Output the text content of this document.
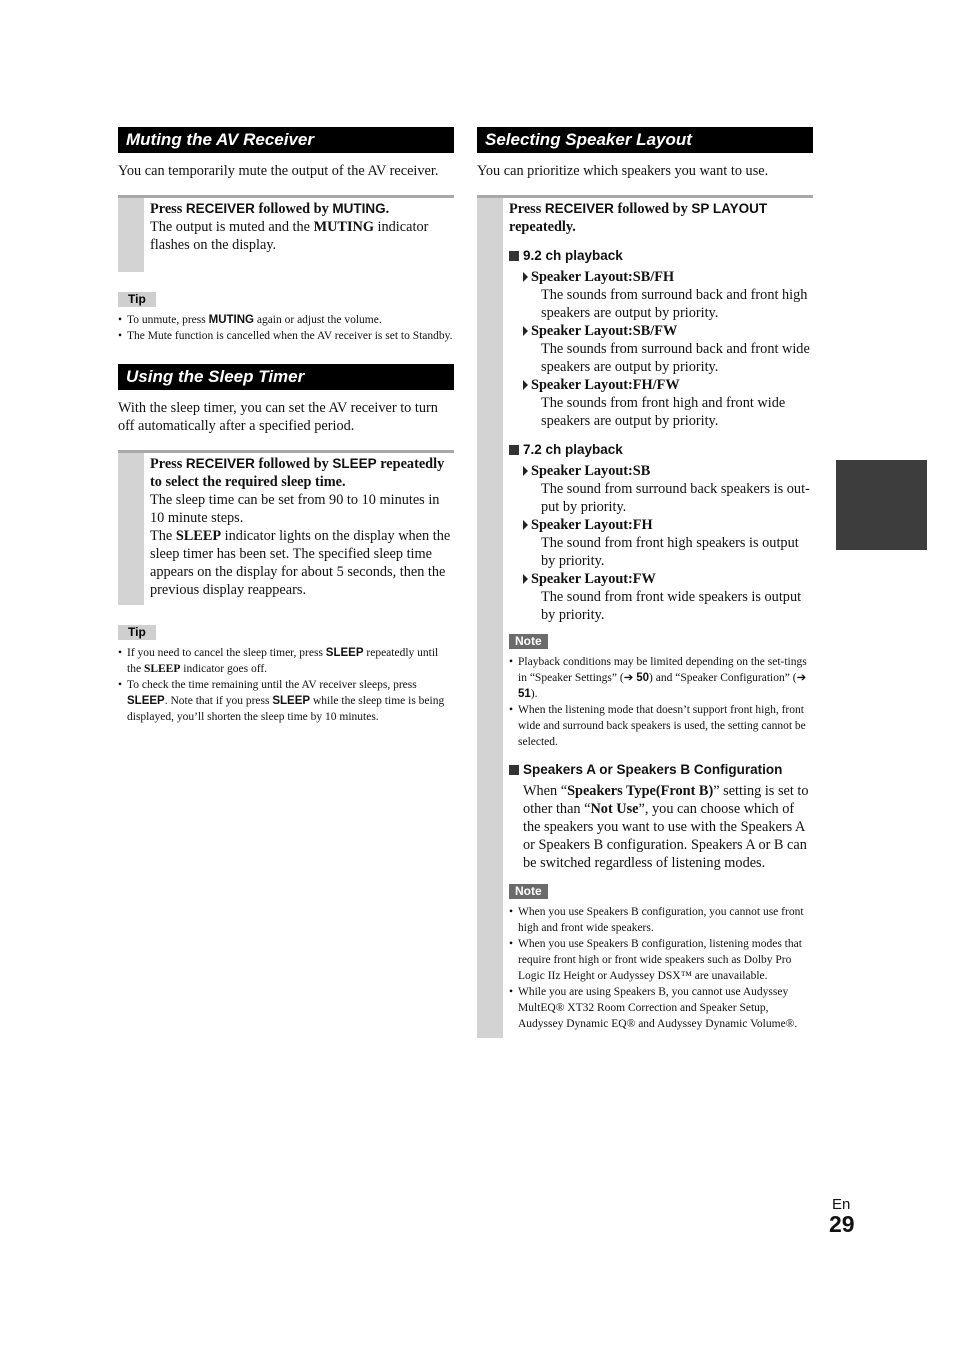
Muting the AV Receiver
You can temporarily mute the output of the AV receiver.

Press RECEIVER followed by MUTING.

The output is muted and the MUTING indicator flashes on the display.

Tip
• To unmute, press MUTING again or adjust the volume.
• The Mute function is cancelled when the AV receiver is set to Standby.
Using the Sleep Timer
With the sleep timer, you can set the AV receiver to turn off automatically after a specified period.

Press RECEIVER followed by SLEEP repeatedly to select the required sleep time.

The sleep time can be set from 90 to 10 minutes in 10 minute steps.

The SLEEP indicator lights on the display when the sleep timer has been set. The specified sleep time appears on the display for about 5 seconds, then the previous display reappears.

Tip
• If you need to cancel the sleep timer, press SLEEP repeatedly until the SLEEP indicator goes off.
• To check the time remaining until the AV receiver sleeps, press SLEEP. Note that if you press SLEEP while the sleep time is being displayed, you’ll shorten the sleep time by 10 minutes.
Selecting Speaker Layout
You can prioritize which speakers you want to use.

Press RECEIVER followed by SP LAYOUT repeatedly.

9.2 ch playback
Speaker Layout:SB/FH
The sounds from surround back and front high speakers are output by priority.
Speaker Layout:SB/FW
The sounds from surround back and front wide speakers are output by priority.
Speaker Layout:FH/FW
The sounds from front high and front wide speakers are output by priority.
7.2 ch playback
Speaker Layout:SB
The sound from surround back speakers is out-put by priority.
Speaker Layout:FH
The sound from front high speakers is output by priority.
Speaker Layout:FW
The sound from front wide speakers is output by priority.
Note
• Playback conditions may be limited depending on the set-tings in “Speaker Settings” (➔ 50) and “Speaker Configuration” (➔ 51).
• When the listening mode that doesn’t support front high, front wide and surround back speakers is used, the setting cannot be selected.
Speakers A or Speakers B Configuration
When “Speakers Type(Front B)” setting is set to other than “Not Use”, you can choose which of the speakers you want to use with the Speakers A or Speakers B configuration. Speakers A or B can be switched regardless of listening modes.
Note
• When you use Speakers B configuration, you cannot use front high and front wide speakers.
• When you use Speakers B configuration, listening modes that require front high or front wide speakers such as Dolby Pro Logic IIz Height or Audyssey DSX™ are unavailable.
• While you are using Speakers B, you cannot use Audyssey MultEQ® XT32 Room Correction and Speaker Setup, Audyssey Dynamic EQ® and Audyssey Dynamic Volume®.
En
29
